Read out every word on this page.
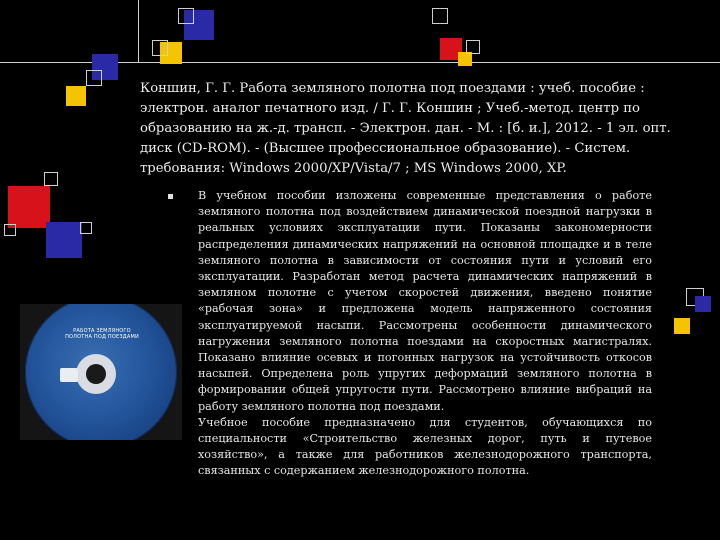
Коншин, Г. Г. Работа земляного полотна под поездами : учеб. пособие : электрон. аналог печатного изд. / Г. Г. Коншин ; Учеб.-метод. центр по образованию на ж.-д. трансп. - Электрон. дан. - М. : [б. и.], 2012. - 1 эл. опт. диск (CD-ROM). - (Высшее профессиональное образование). - Систем. требования: Windows 2000/XP/Vista/7 ; MS Windows 2000, XP.
В учебном пособии изложены современные представления о работе земляного полотна под воздействием динамической поездной нагрузки в реальных условиях эксплуатации пути. Показаны закономерности распределения динамических напряжений на основной площадке и в теле земляного полотна в зависимости от состояния пути и условий его эксплуатации. Разработан метод расчета динамических напряжений в земляном полотне с учетом скоростей движения, введено понятие «рабочая зона» и предложена модель напряженного состояния эксплуатируемой насыпи. Рассмотрены особенности динамического нагружения земляного полотна поездами на скоростных магистралях. Показано влияние осевых и погонных нагрузок на устойчивость откосов насыпей. Определена роль упругих деформаций земляного полотна в формировании общей упругости пути. Рассмотрено влияние вибраций на работу земляного полотна под поездами.
Учебное пособие предназначено для студентов, обучающихся по специальности «Строительство железных дорог, путь и путевое хозяйство», а также для работников железнодорожного транспорта, связанных с содержанием железнодорожного полотна.
РАБОТА ЗЕМЛЯНОГО ПОЛОТНА ПОД ПОЕЗДАМИ
